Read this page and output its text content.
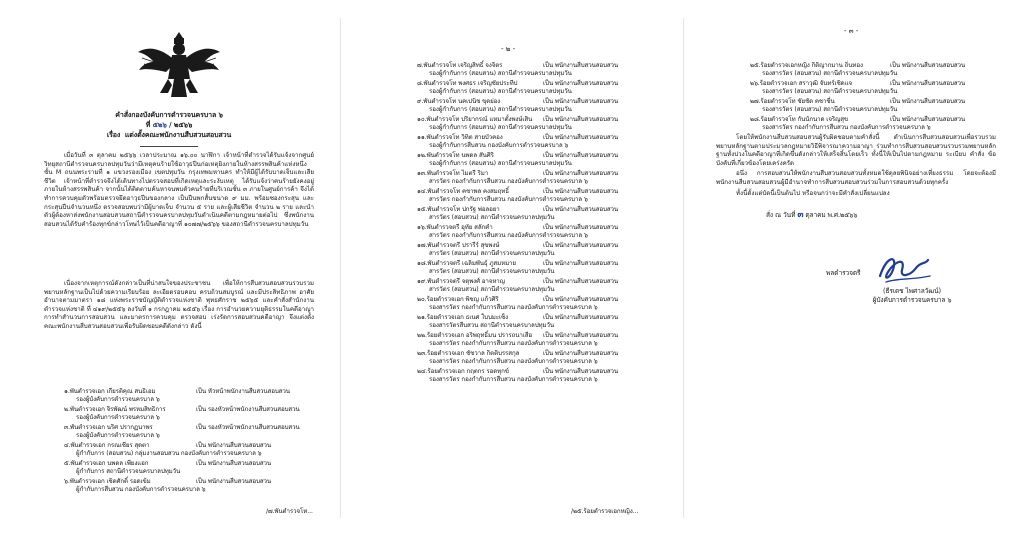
คำสั่งกองบังคับการตำรวจนครบาล ๖
ที่ ๕๒๖ / ๒๕๖๖
เรื่อง แต่งตั้งคณะพนักงานสืบสวนสอบสวน

เมื่อวันที่ ๓ ตุลาคม ๒๕๖๖ เวลาประมาณ ๑๖.๐๐ นาฬิกา เจ้าหน้าที่ตำรวจได้รับแจ้งจากศูนย์วิทยุสถานีตำรวจนครบาลปทุมวันว่ามีเหตุคนร้ายใช้อาวุธปืนก่อเหตุยิงภายในห้างสรรพสินค้าแห่งหนึ่ง ชั้น M ถนนพระรามที่ ๑ แขวงรองเมือง เขตปทุมวัน กรุงเทพมหานคร ทำให้มีผู้ได้รับบาดเจ็บและเสียชีวิต เจ้าหน้าที่ตำรวจจึงได้เดินทางไปตรวจสอบที่เกิดเหตุและระงับเหตุ ได้รับแจ้งว่าคนร้ายยังคงอยู่ภายในห้างสรรพสินค้า จากนั้นได้ติดตามค้นหาจนพบตัวคนร้ายที่บริเวณชั้น ๓ ภายในศูนย์การค้า จึงได้ทำการควบคุมตัวพร้อมตรวจยึดอาวุธปืนของกลาง เป็นปืนพกสั้นขนาด ๙ มม. พร้อมซองกระสุน และกระสุนปืนจำนวนหนึ่ง ตรวจสอบพบว่ามีผู้บาดเจ็บ จำนวน ๕ ราย และผู้เสียชีวิต จำนวน ๒ ราย และนำตัวผู้ต้องหาส่งพนักงานสอบสวนสถานีตำรวจนครบาลปทุมวันดำเนินคดีตามกฎหมายต่อไป ซึ่งพนักงานสอบสวนได้รับคำร้องทุกข์กล่าวโทษไว้เป็นคดีอาญาที่ ๑๐๗๗/๒๕๖๖ ของสถานีตำรวจนครบาลปทุมวัน

เนื่องจากเหตุการณ์ดังกล่าวเป็นที่น่าสนใจของประชาชน เพื่อให้การสืบสวนสอบสวนรวบรวมพยานหลักฐานเป็นไปด้วยความเรียบร้อย ละเอียดรอบคอบ ครบถ้วนสมบูรณ์ และมีประสิทธิภาพ อาศัยอำนาจตามมาตรา ๑๘ แห่งพระราชบัญญัติตำรวจแห่งชาติ พุทธศักราช ๒๕๖๕ และคำสั่งสำนักงานตำรวจแห่งชาติ ที่ ๔๑๙/๒๕๕๖ ลงวันที่ ๑ กรกฎาคม ๒๕๕๖ เรื่อง การอำนวยความยุติธรรมในคดีอาญา การทำสำนวนการสอบสวน และมาตรการควบคุม ตรวจสอบ เร่งรัดการสอบสวนคดีอาญา จึงแต่งตั้งคณะพนักงานสืบสวนสอบสวนเพื่อรับผิดชอบคดีดังกล่าว ดังนี้

๑.พันตำรวจเอก เกียรติคุณ สนธิเอม	เป็น หัวหน้าพนักงานสืบสวนสอบสวน
รองผู้บังคับการตำรวจนครบาล ๖
๒.พันตำรวจเอก จิรพัฒน์ พรหมสิทธิการ	เป็น รองหัวหน้าพนักงานสืบสวนสอบสวน
รองผู้บังคับการตำรวจนครบาล ๖
๓.พันตำรวจเอก นริศ ปรากฏนาพร	เป็น รองหัวหน้าพนักงานสืบสวนสอบสวน
รองผู้บังคับการตำรวจนครบาล ๖
๔.พันตำรวจเอก กรณเชียร สุดตา	เป็น พนักงานสืบสวนสอบสวน
ผู้กำกับการ (สอบสวน) กลุ่มงานสอบสวน กองบังคับการตำรวจนครบาล ๖
๕.พันตำรวจเอก นพดล เพียงแอก	เป็น พนักงานสืบสวนสอบสวน
ผู้กำกับการ สถานีตำรวจนครบาลปทุมวัน
๖.พันตำรวจเอก เชิดศักดิ์ รอดเข้ม	เป็น พนักงานสืบสวนสอบสวน
ผู้กำกับการสืบสวน กองบังคับการตำรวจนครบาล ๖
/๗.พันตำรวจโท...
- ๒ -
๗.พันตำรวจโท เจริญสิทธิ์ จงจิตร	เป็น พนักงานสืบสวนสอบสวน
รองผู้กำกับการ (สอบสวน) สถานีตำรวจนครบาลปทุมวัน
๘.พันตำรวจโท พงศธร เจริญชัยประทีป	เป็น พนักงานสืบสวนสอบสวน
รองผู้กำกับการ (สอบสวน) สถานีตำรวจนครบาลปทุมวัน
๙.พันตำรวจโท นคเปนิช ขุดย่อง	เป็น พนักงานสืบสวนสอบสวน
รองผู้กำกับการ (สอบสวน) สถานีตำรวจนครบาลปทุมวัน
๑๐.พันตำรวจโท ปริยากรณ์ แหมาตั้งพงษ์เสิน เป็น พนักงานสืบสวนสอบสวน
รองผู้กำกับการ (สอบสวน) สถานีตำรวจนครบาลปทุมวัน
๑๑.พันตำรวจโท วิทิต สายบัวคอง	เป็น พนักงานสืบสวนสอบสวน
รองผู้กำกับการสืบสวน กองบังคับการตำรวจนครบาล ๖
๑๒.พันตำรวจโท นพดล สันศิริ	เป็น พนักงานสืบสวนสอบสวน
รองผู้กำกับการ (สอบสวน) สถานีตำรวจนครบาลปทุมวัน
๑๓.พันตำรวจโท ไมตรี ริมา	เป็น พนักงานสืบสวนสอบสวน
สารวัตร กองกำกับการสืบสวน กองบังคับการตำรวจนครบาล ๖
๑๔.พันตำรวจโท คชาพล คงสมฤทธิ์	เป็น พนักงานสืบสวนสอบสวน
สารวัตร กองกำกับการสืบสวน กองบังคับการตำรวจนครบาล ๖
๑๕.พันตำรวจโท ปกรัฐ พ่อลอยา	เป็น พนักงานสืบสวนสอบสวน
สารวัตร (สอบสวน) สถานีตำรวจนครบาลปทุมวัน
๑๖.พันตำรวจตรี อุทัย สลักคำ	เป็น พนักงานสืบสวนสอบสวน
สารวัตร กองกำกับการสืบสวน กองบังคับการตำรวจนครบาล ๖
๑๗.พันตำรวจตรี ปรารีร์ สุขพงษ์	เป็น พนักงานสืบสวนสอบสวน
สารวัตร (สอบสวน) สถานีตำรวจนครบาลปทุมวัน
๑๘.พันตำรวจตรี เฉลิมพันธุ์ ภูสมหมาย	เป็น พนักงานสืบสวนสอบสวน
สารวัตร (สอบสวน) สถานีตำรวจนครบาลปทุมวัน
๑๙.พันตำรวจตรี จตุพงศ์ อาจหาญ	เป็น พนักงานสืบสวนสอบสวน
สารวัตร (สอบสวน) สถานีตำรวจนครบาลปทุมวัน
๒๐.ร้อยตำรวจเอก พิชญ แก้วศิริ	เป็น พนักงานสืบสวนสอบสวน
รองสารวัตร กองกำกับการสืบสวน กองบังคับการตำรวจนครบาล ๖
๒๑.ร้อยตำรวจเอก ธเนศ ใบบมะเซ็ง	เป็น พนักงานสืบสวนสอบสวน
รองสารวัตรสืบสวน สถานีตำรวจนครบาลปทุมวัน
๒๒.ร้อยตำรวจเอก อริพฤทธิ์มน ปรารถนาเสือ เป็น พนักงานสืบสวนสอบสวน
รองสารวัตร กองกำกับการสืบสวน กองบังคับการตำรวจนครบาล ๖
๒๓.ร้อยตำรวจเอก ชัชวาล กิตติบรรสกุล	เป็น พนักงานสืบสวนสอบสวน
รองสารวัตร กองกำกับการสืบสวน กองบังคับการตำรวจนครบาล ๖
๒๔.ร้อยตำรวจเอก กฤตกร รอดทุกข์	เป็น พนักงานสืบสวนสอบสวน
รองสารวัตร กองกำกับการสืบสวน กองบังคับการตำรวจนครบาล ๖
/๒๕.ร้อยตำรวจเอกหญิง...
- ๓ -
๒๕.ร้อยตำรวจเอกหญิง กิติญากมาน ถิ่นทอง	เป็น พนักงานสืบสวนสอบสวน
รองสารวัตร (สอบสวน) สถานีตำรวจนครบาลปทุมวัน
๒๖.ร้อยตำรวจเอก สราวุฒิ จันทร์เชิดแจ	เป็น พนักงานสืบสวนสอบสวน
รองสารวัตร (สอบสวน) สถานีตำรวจนครบาลปทุมวัน
๒๗.ร้อยตำรวจโท ชัยชัด คชาชื่น	เป็น พนักงานสืบสวนสอบสวน
รองสารวัตร (สอบสวน) สถานีตำรวจนครบาลปทุมวัน
๒๘.ร้อยตำรวจโท กันนักนาด เจริญสุข	เป็น พนักงานสืบสวนสอบสวน
รองสารวัตร กองกำกับการสืบสวน กองบังคับการตำรวจนครบาล ๖

โดยให้พนักงานสืบสวนสอบสวนผู้รับผิดชอบตามคำสั่งนี้ ดำเนินการสืบสวนสอบสวนเพื่อรวบรวมพยานหลักฐานตามประมวลกฎหมายวิธีพิจารณาความอาญา ร่วมทำการสืบสวนสอบสวนรวบรวมพยานหลักฐานทั้งปวงในคดีอาญาที่เกิดขึ้นดังกล่าวให้เสร็จสิ้นโดยเร็ว ทั้งนี้ให้เป็นไปตามกฎหมาย ระเบียบ คำสั่ง ข้อบังคับที่เกี่ยวข้องโดยเคร่งครัด

อนึ่ง การสอบสวนให้พนักงานสืบสวนสอบสวนทั้งหมดใช้ดุลยพินิจอย่างเที่ยงธรรม โดยจะต้องมีพนักงานสืบสวนสอบสวนผู้มีอำนาจทำการสืบสวนสอบสวนร่วมในการสอบสวนด้วยทุกครั้ง

ทั้งนี้ตั้งแต่บัดนี้เป็นต้นไป หรือจนกว่าจะมีคำสั่งเปลี่ยนแปลง

สั่ง ณ วันที่ ๓ ตุลาคม พ.ศ.๒๕๖๖
พลตำรวจตรี
(ธีรเดช ไพศาลวัฒน์)
ผู้บังคับการตำรวจนครบาล ๖
